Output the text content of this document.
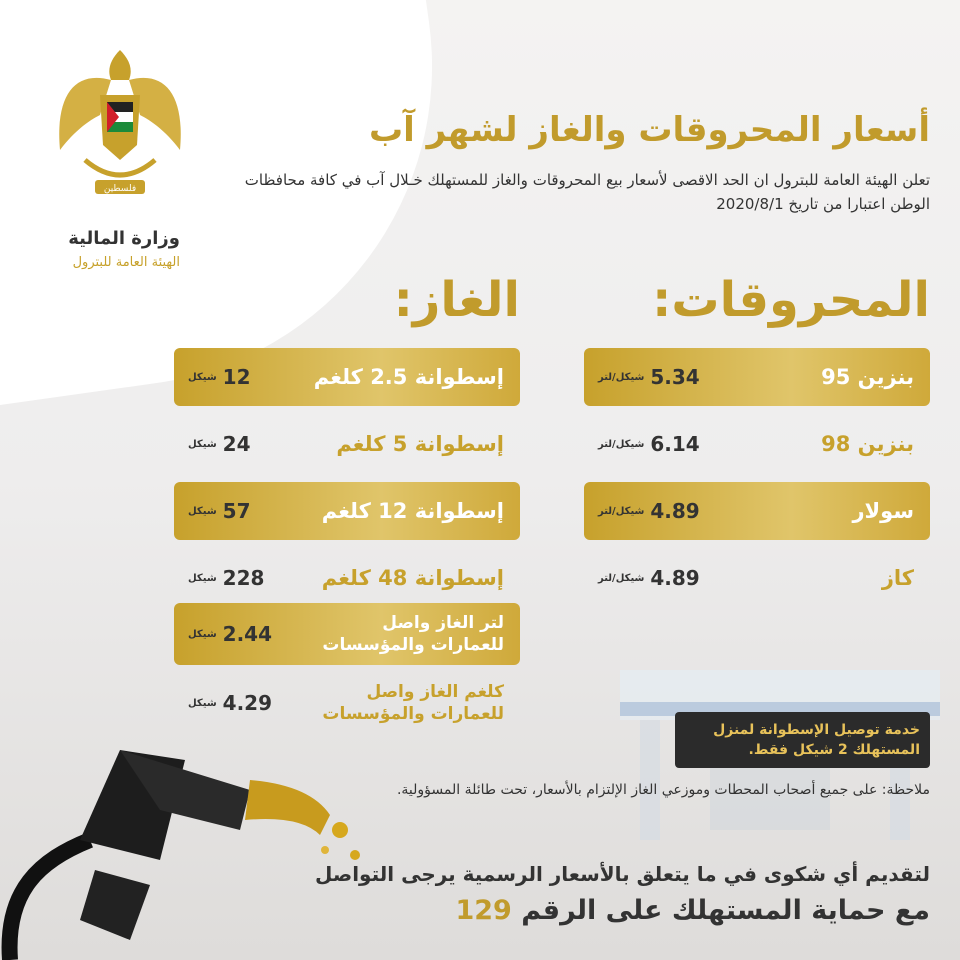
فلسطين
وزارة المالية
الهيئة العامة للبترول
أسعار المحروقات والغاز لشهر آب
تعلن الهيئة العامة للبترول ان الحد الاقصى لأسعار بيع المحروقات والغاز للمستهلك خـلال آب في كافة محافظات الوطن اعتبارا من تاريخ 2020/8/1
المحروقات:
الغاز:
بنزين 95
5.34
شيكل/لتر
بنزين 98
6.14
شيكل/لتر
سولار
4.89
شيكل/لتر
كاز
4.89
شيكل/لتر
إسطوانة 2.5 كلغم
12
شيكل
إسطوانة 5 كلغم
24
شيكل
إسطوانة 12 كلغم
57
شيكل
إسطوانة 48 كلغم
228
شيكل
لتر الغاز واصل للعمارات والمؤسسات
2.44
شيكل
كلغم الغاز واصل للعمارات والمؤسسات
4.29
شيكل
خدمة توصيل الإسطوانة لمنزل المستهلك 2 شيكل فقط.
ملاحظة: على جميع أصحاب المحطات وموزعي الغاز الإلتزام بالأسعار، تحت طائلة المسؤولية.
لتقديم أي شكوى في ما يتعلق بالأسعار الرسمية يرجى التواصل
مع حماية المستهلك على الرقم 129
